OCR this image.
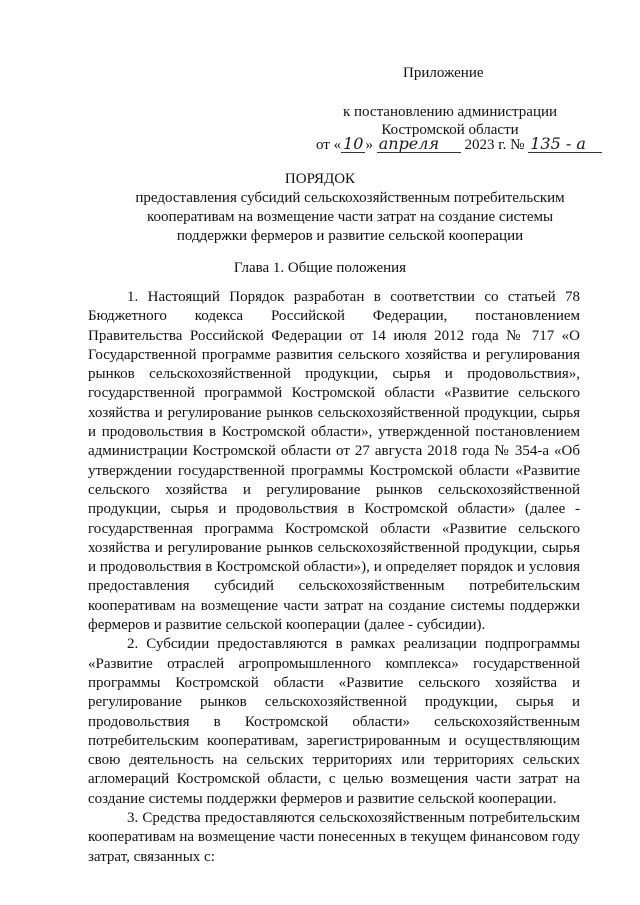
Приложение
к постановлению администрации
Костромской области
от « 10 » апреля 2023 г. № 135 - а
ПОРЯДОК
предоставления субсидий сельскохозяйственным потребительским кооперативам на возмещение части затрат на создание системы поддержки фермеров и развитие сельской кооперации
Глава 1. Общие положения

1. Настоящий Порядок разработан в соответствии со статьей 78 Бюджетного кодекса Российской Федерации, постановлением Правительства Российской Федерации от 14 июля 2012 года № 717 «О Государственной программе развития сельского хозяйства и регулирования рынков сельскохозяйственной продукции, сырья и продовольствия», государственной программой Костромской области «Развитие сельского хозяйства и регулирование рынков сельскохозяйственной продукции, сырья и продовольствия в Костромской области», утвержденной постановлением администрации Костромской области от 27 августа 2018 года № 354-а «Об утверждении государственной программы Костромской области «Развитие сельского хозяйства и регулирование рынков сельскохозяйственной продукции, сырья и продовольствия в Костромской области» (далее - государственная программа Костромской области «Развитие сельского хозяйства и регулирование рынков сельскохозяйственной продукции, сырья и продовольствия в Костромской области»), и определяет порядок и условия предоставления субсидий сельскохозяйственным потребительским кооперативам на возмещение части затрат на создание системы поддержки фермеров и развитие сельской кооперации (далее - субсидии).

2. Субсидии предоставляются в рамках реализации подпрограммы «Развитие отраслей агропромышленного комплекса» государственной программы Костромской области «Развитие сельского хозяйства и регулирование рынков сельскохозяйственной продукции, сырья и продовольствия в Костромской области» сельскохозяйственным потребительским кооперативам, зарегистрированным и осуществляющим свою деятельность на сельских территориях или территориях сельских агломераций Костромской области, с целью возмещения части затрат на создание системы поддержки фермеров и развитие сельской кооперации.

3. Средства предоставляются сельскохозяйственным потребительским кооперативам на возмещение части понесенных в текущем финансовом году затрат, связанных с:
